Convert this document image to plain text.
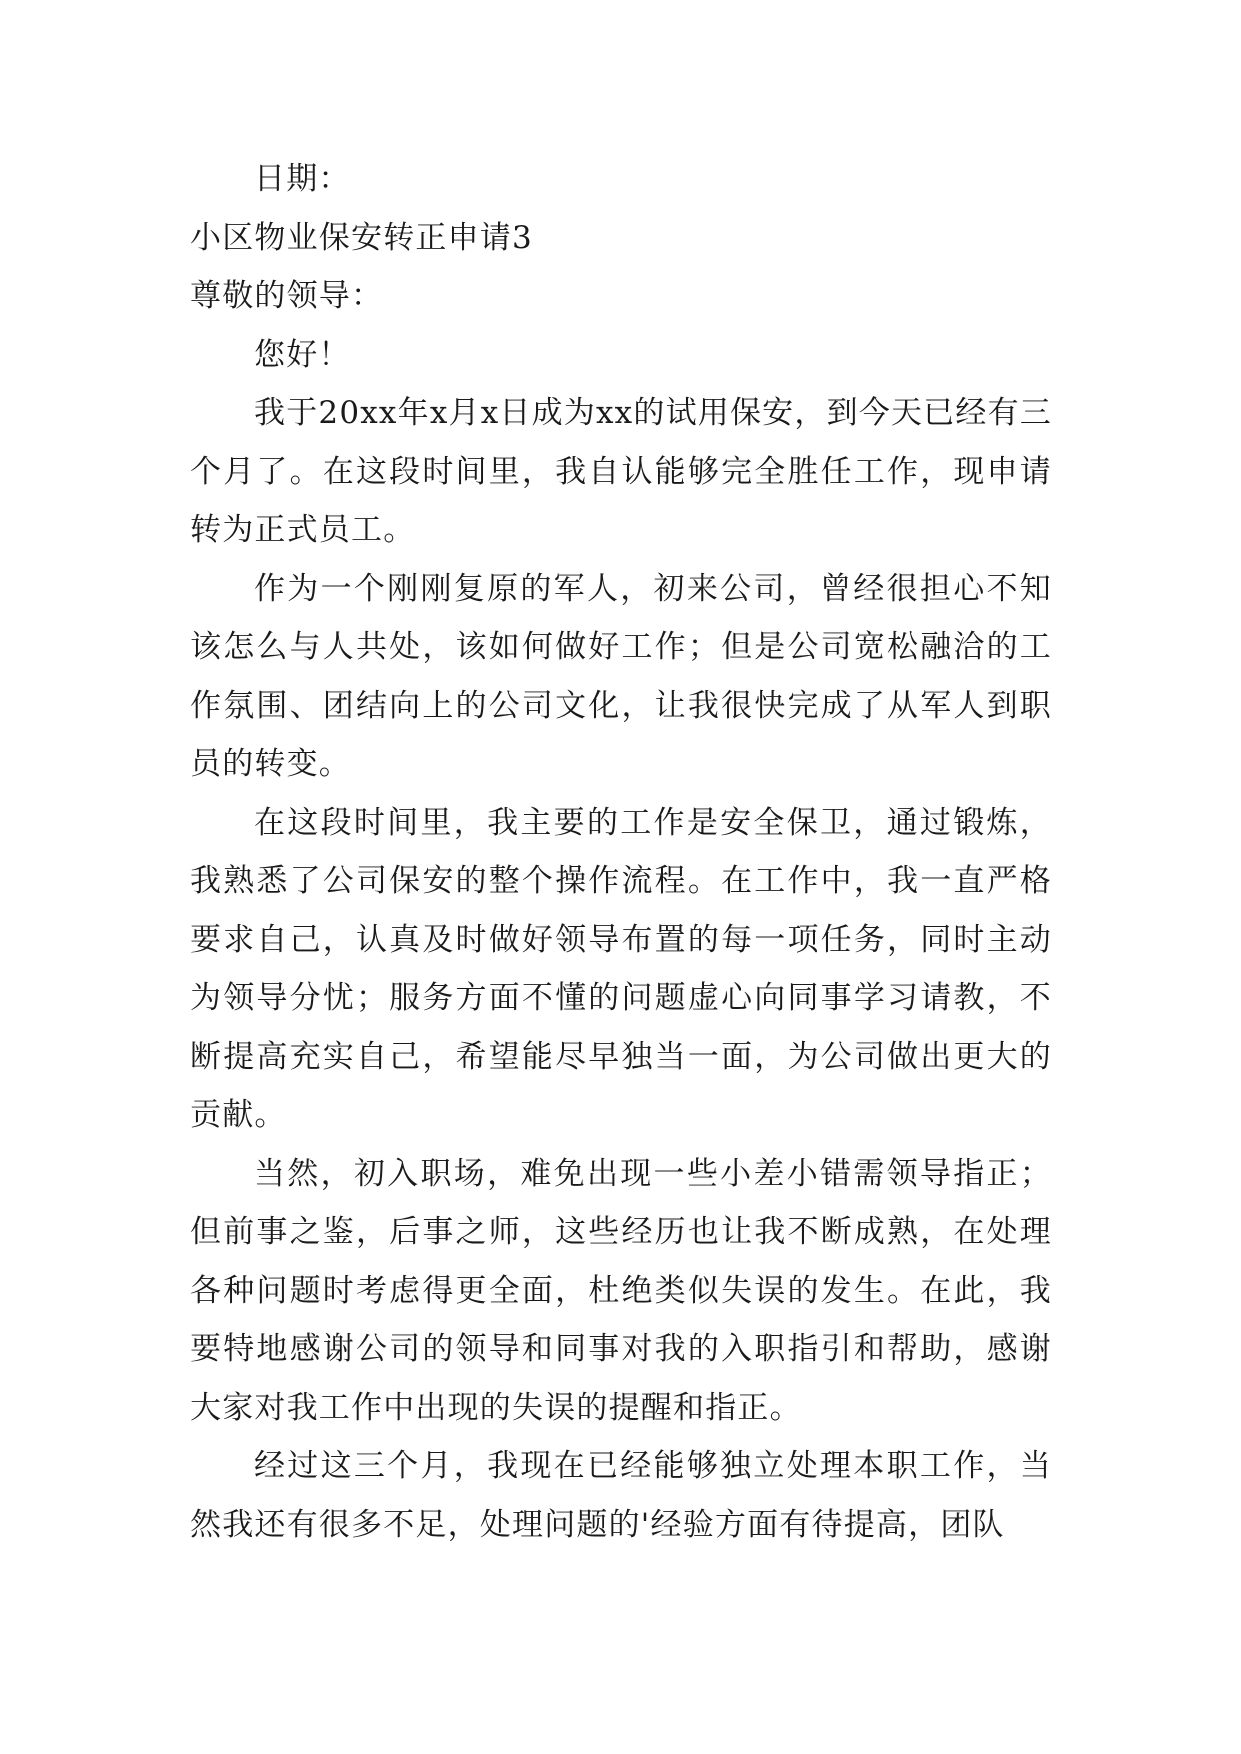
日期：

小区物业保安转正申请3

尊敬的领导：

您好！

我于20xx年x月x日成为xx的试用保安，到今天已经有三个月了。在这段时间里，我自认能够完全胜任工作，现申请转为正式员工。

作为一个刚刚复原的军人，初来公司，曾经很担心不知该怎么与人共处，该如何做好工作；但是公司宽松融洽的工作氛围、团结向上的公司文化，让我很快完成了从军人到职员的转变。

在这段时间里，我主要的工作是安全保卫，通过锻炼，我熟悉了公司保安的整个操作流程。在工作中，我一直严格要求自己，认真及时做好领导布置的每一项任务，同时主动为领导分忧；服务方面不懂的问题虚心向同事学习请教，不断提高充实自己，希望能尽早独当一面，为公司做出更大的贡献。

当然，初入职场，难免出现一些小差小错需领导指正；但前事之鉴，后事之师，这些经历也让我不断成熟，在处理各种问题时考虑得更全面，杜绝类似失误的发生。在此，我要特地感谢公司的领导和同事对我的入职指引和帮助，感谢大家对我工作中出现的失误的提醒和指正。

经过这三个月，我现在已经能够独立处理本职工作，当然我还有很多不足，处理问题的'经验方面有待提高，团队
